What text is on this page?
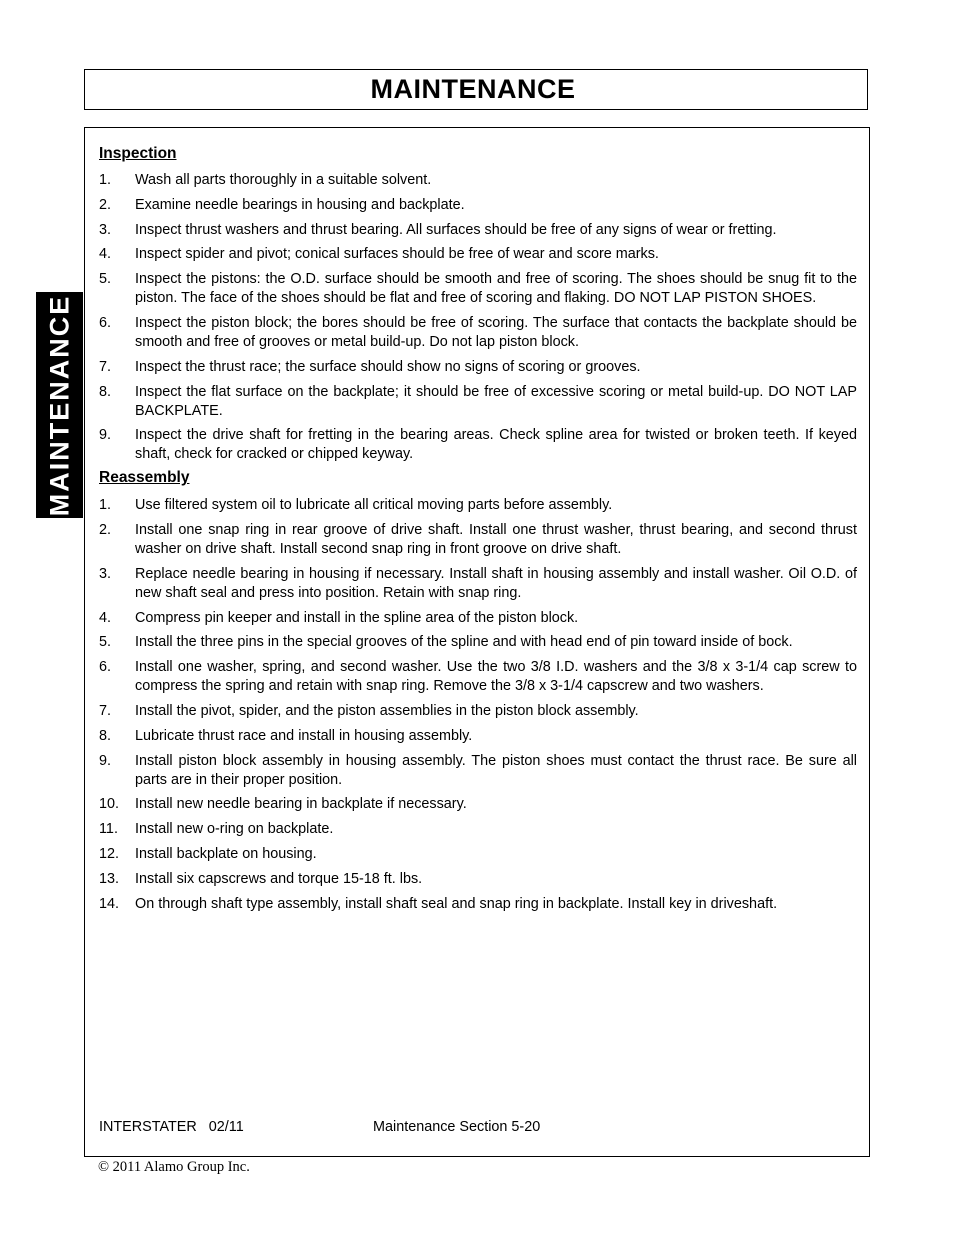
MAINTENANCE
MAINTENANCE
Inspection
1.	Wash all parts thoroughly in a suitable solvent.
2.	Examine needle bearings in housing and backplate.
3.	Inspect thrust washers and thrust bearing. All surfaces should be free of any signs of wear or fretting.
4.	Inspect spider and pivot; conical surfaces should be free of wear and score marks.
5.	Inspect the pistons: the O.D. surface should be smooth and free of scoring. The shoes should be snug fit to the piston. The face of the shoes should be flat and free of scoring and flaking. DO NOT LAP PISTON SHOES.
6.	Inspect the piston block; the bores should be free of scoring. The surface that contacts the backplate should be smooth and free of grooves or metal build-up. Do not lap piston block.
7.	Inspect the thrust race; the surface should show no signs of scoring or grooves.
8.	Inspect the flat surface on the backplate; it should be free of excessive scoring or metal build-up. DO NOT LAP BACKPLATE.
9.	Inspect the drive shaft for fretting in the bearing areas. Check spline area for twisted or broken teeth. If keyed shaft, check for cracked or chipped keyway.
Reassembly
1.	Use filtered system oil to lubricate all critical moving parts before assembly.
2.	Install one snap ring in rear groove of drive shaft. Install one thrust washer, thrust bearing, and second thrust washer on drive shaft. Install second snap ring in front groove on drive shaft.
3.	Replace needle bearing in housing if necessary. Install shaft in housing assembly and install washer. Oil O.D. of new shaft seal and press into position. Retain with snap ring.
4.	Compress pin keeper and install in the spline area of the piston block.
5.	Install the three pins in the special grooves of the spline and with head end of pin toward inside of bock.
6.	Install one washer, spring, and second washer. Use the two 3/8 I.D. washers and the 3/8 x 3-1/4 cap screw to compress the spring and retain with snap ring. Remove the 3/8 x 3-1/4 capscrew and two washers.
7.	Install the pivot, spider, and the piston assemblies in the piston block assembly.
8.	Lubricate thrust race and install in housing assembly.
9.	Install piston block assembly in housing assembly. The piston shoes must contact the thrust race. Be sure all parts are in their proper position.
10.	Install new needle bearing in backplate if necessary.
11.	Install new o-ring on backplate.
12.	Install backplate on housing.
13.	Install six capscrews and torque 15-18 ft. lbs.
14.	On through shaft type assembly, install shaft seal and snap ring in backplate. Install key in driveshaft.
INTERSTATER   02/11	Maintenance Section 5-20
© 2011 Alamo Group Inc.
